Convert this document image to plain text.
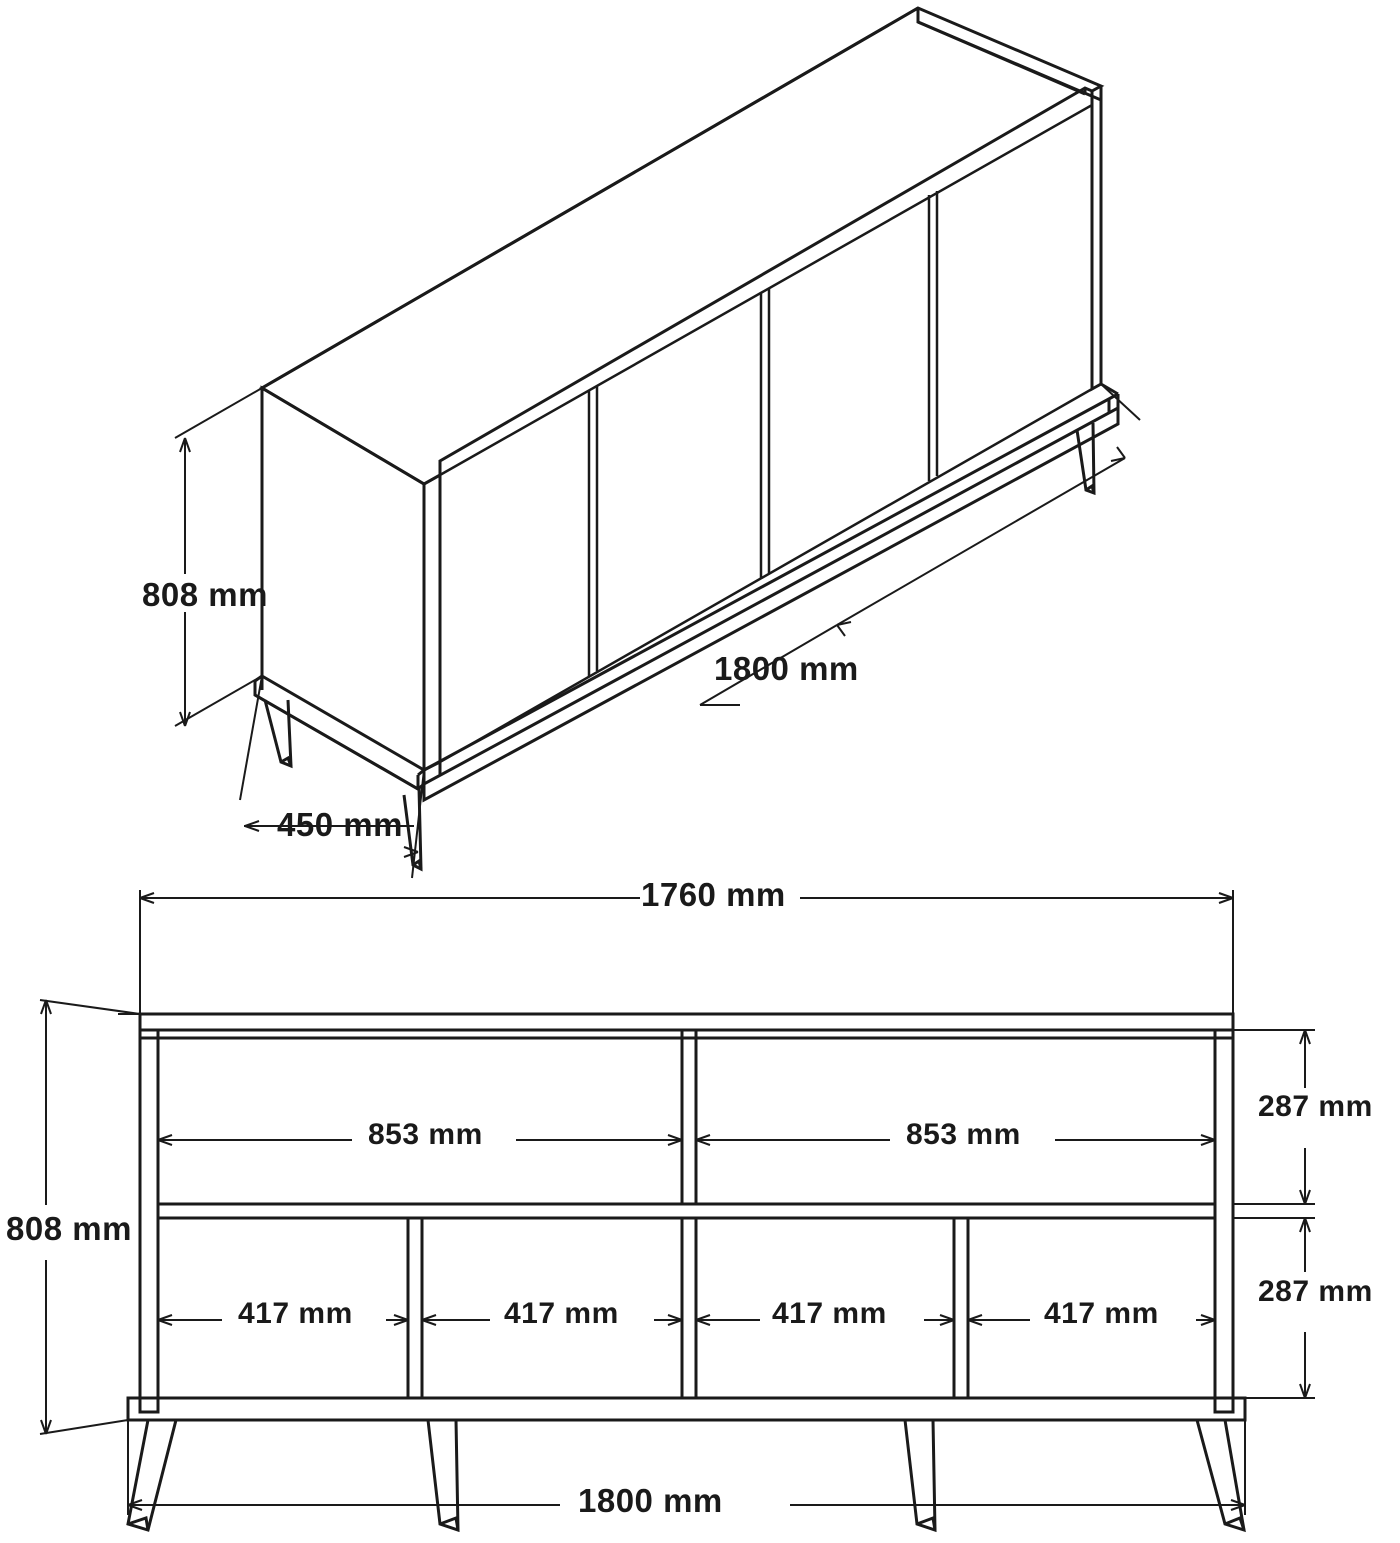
808 mm
1800 mm
450 mm
1760 mm
808 mm
853 mm	853 mm
287 mm
287 mm
417 mm	417 mm	417 mm	417 mm
1800 mm
